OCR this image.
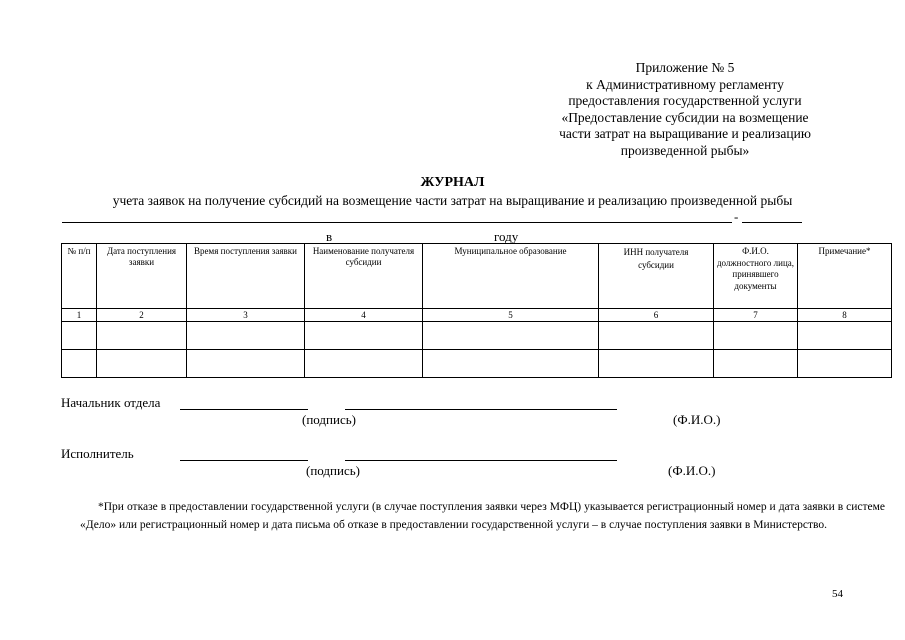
Приложение № 5
к Административному регламенту
предоставления государственной услуги
«Предоставление субсидии на возмещение
части затрат на выращивание и реализацию
произведенной рыбы»
ЖУРНАЛ
учета заявок на получение субсидий на возмещение части затрат на выращивание и реализацию произведенной рыбы
-
в	году
№ п/п	Дата поступления заявки	Время поступления заявки	Наименование получателя субсидии	Муниципальное образование	ИНН получателя субсидии	Ф.И.О. должностного лица, принявшего документы	Примечание*
1	2	3	4	5	6	7	8

Начальник отдела
(подпись)	(Ф.И.О.)
Исполнитель
(подпись)	(Ф.И.О.)

*При отказе в предоставлении государственной услуги (в случае поступления заявки через МФЦ) указывается регистрационный номер и дата заявки в системе «Дело» или регистрационный номер и дата письма об отказе в предоставлении государственной услуги – в случае поступления заявки в Министерство.

54
